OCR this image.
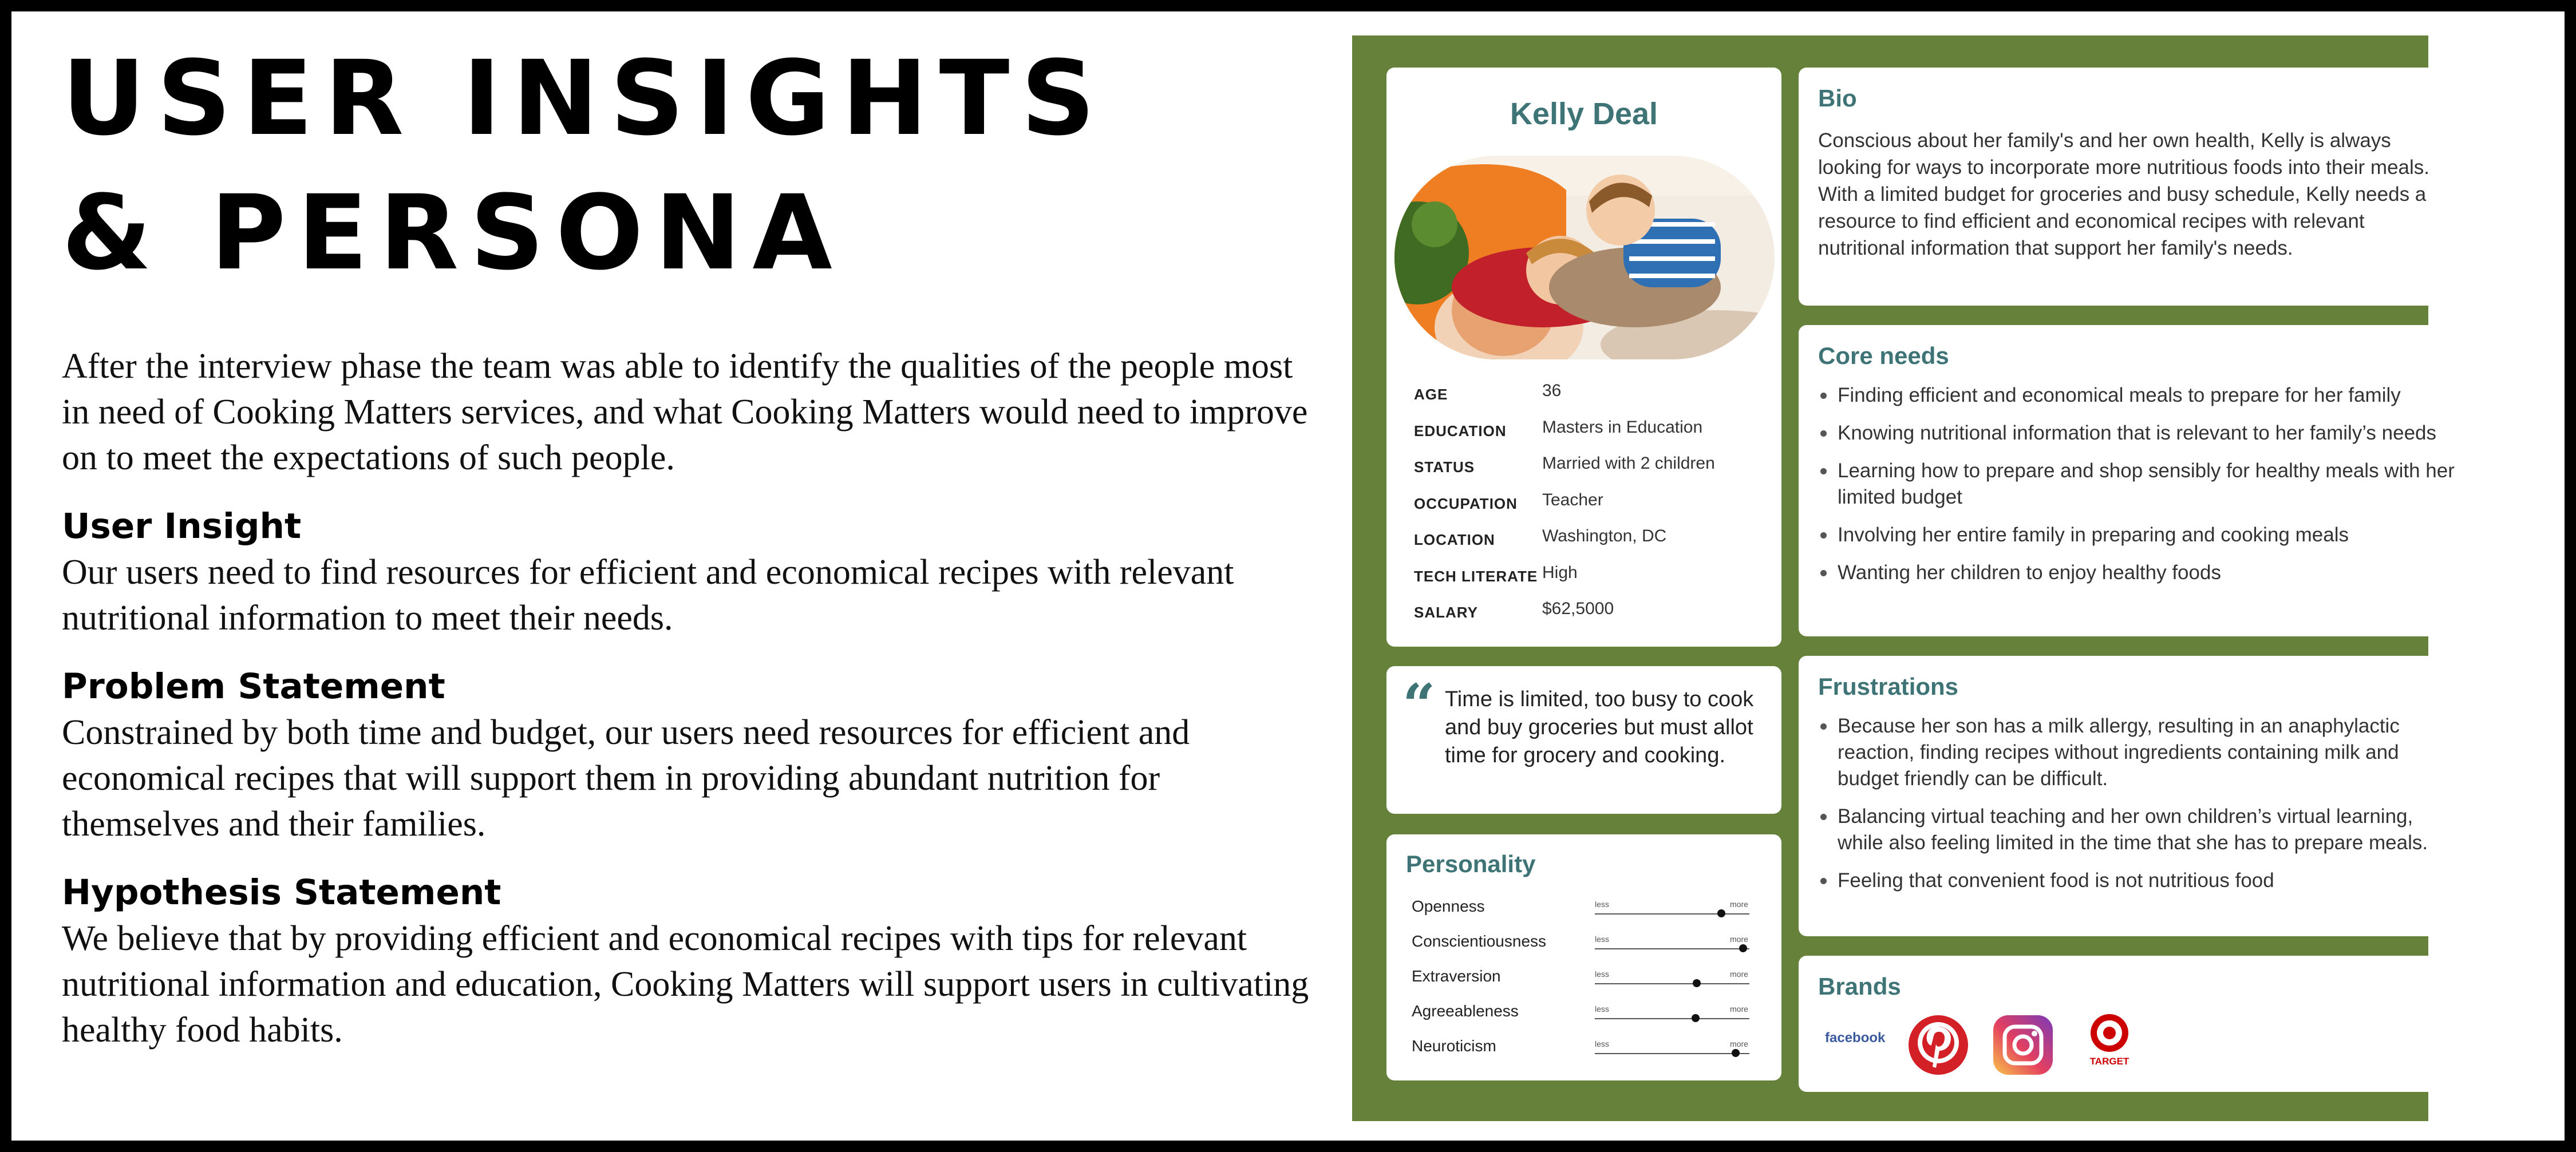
USER INSIGHTS
& PERSONA

After the interview phase the team was able to identify the qualities of the people most in need of Cooking Matters services, and what Cooking Matters would need to improve on to meet the expectations of such people.

User Insight

Our users need to find resources for efficient and economical recipes with relevant nutritional information to meet their needs.

Problem Statement

Constrained by both time and budget, our users need resources for efficient and economical recipes that will support them in providing abundant nutrition for themselves and their families.

Hypothesis Statement

We believe that by providing efficient and economical recipes with tips for relevant nutritional information and education, Cooking Matters will support users in cultivating healthy food habits.

Kelly Deal
AGE	36
EDUCATION	Masters in Education
STATUS	Married with 2 children
OCCUPATION	Teacher
LOCATION	Washington, DC
TECH LITERATE High
SALARY	$62,5000
“ Time is limited, too busy to cook and buy groceries but must allot time for grocery and cooking.
Personality
Openness	less	more
Conscientiousness	less	more
Extraversion	less	more
Agreeableness	less	more
Neuroticism	less	more
Bio

Conscious about her family's and her own health, Kelly is always looking for ways to incorporate more nutritious foods into their meals. With a limited budget for groceries and busy schedule, Kelly needs a resource to find efficient and economical recipes with relevant nutritional information that support her family's needs.

Core needs
Finding efficient and economical meals to prepare for her family
Knowing nutritional information that is relevant to her family’s needs
Learning how to prepare and shop sensibly for healthy meals with her limited budget
Involving her entire family in preparing and cooking meals
Wanting her children to enjoy healthy foods
Frustrations
Because her son has a milk allergy, resulting in an anaphylactic reaction, finding recipes without ingredients containing milk and budget friendly can be difficult.
Balancing virtual teaching and her own children’s virtual learning, while also feeling limited in the time that she has to prepare meals.
Feeling that convenient food is not nutritious food
Brands
facebook
TARGET
